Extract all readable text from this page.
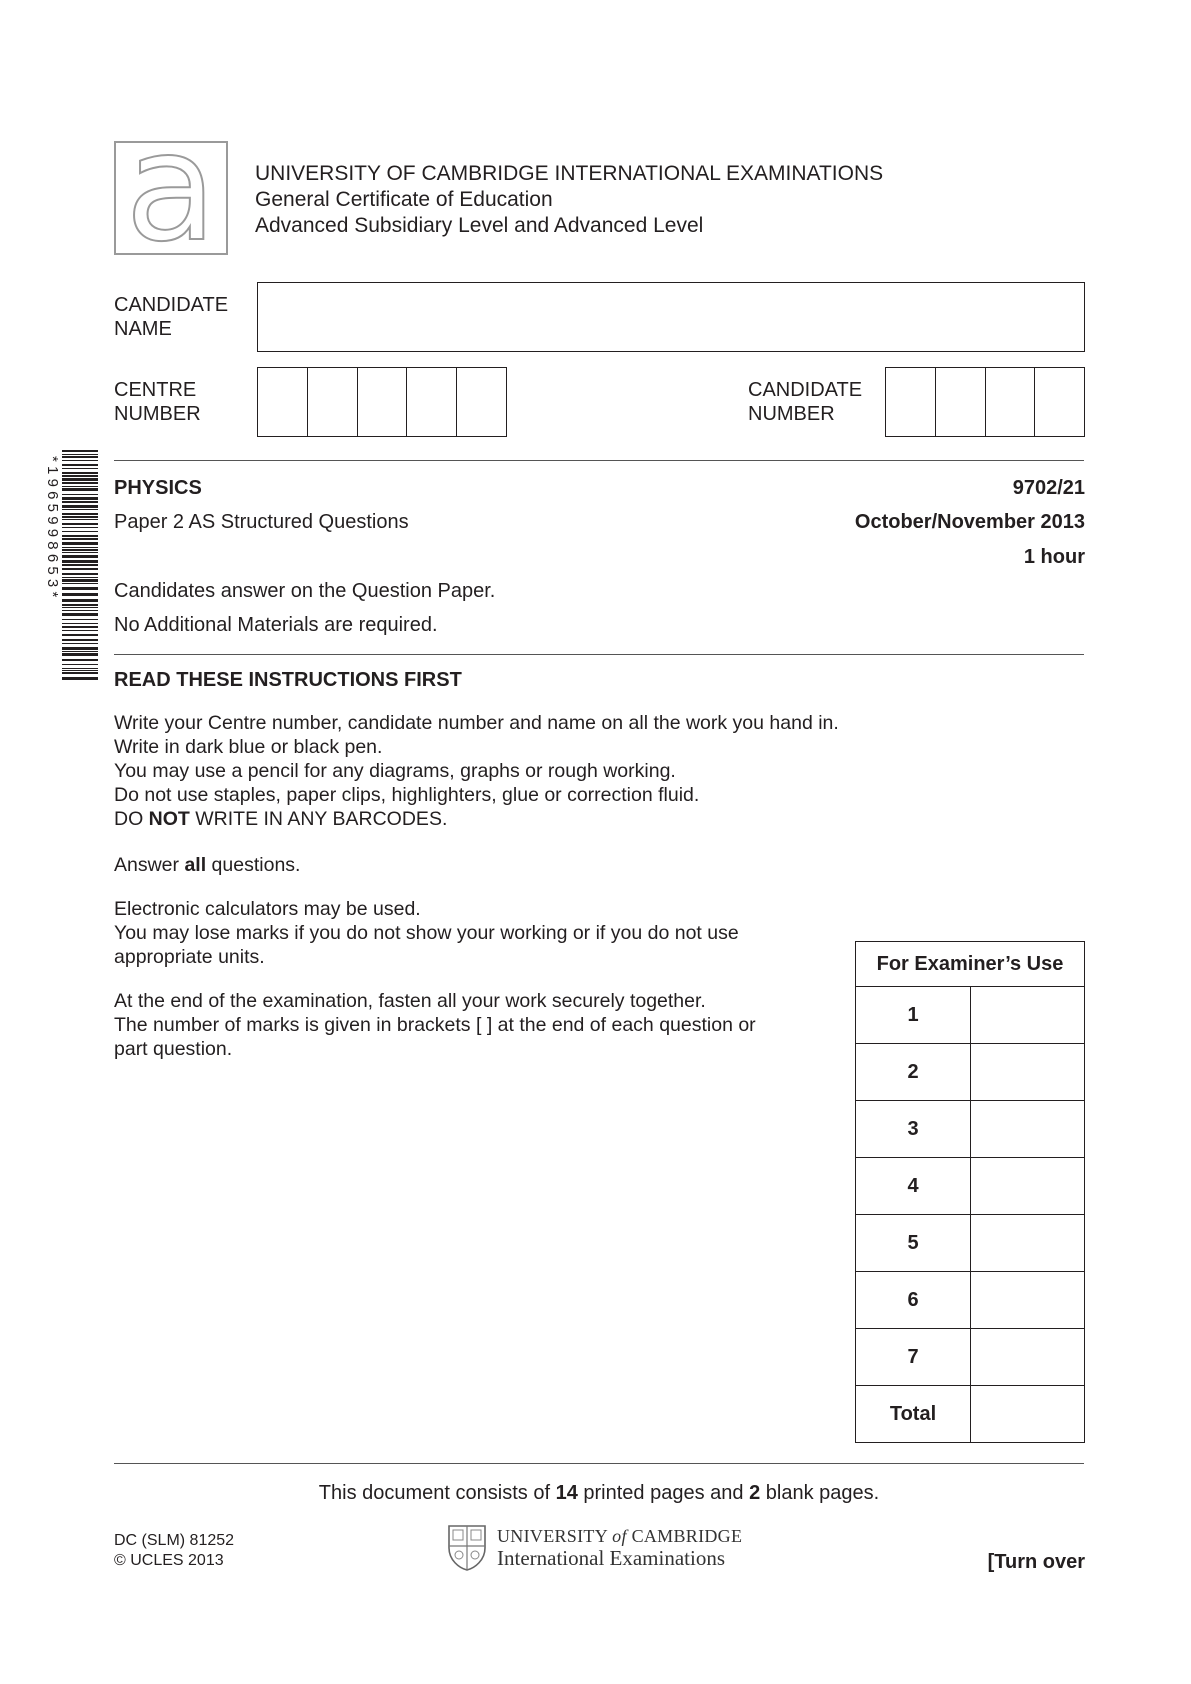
a	UNIVERSITY OF CAMBRIDGE INTERNATIONAL EXAMINATIONS
General Certificate of Education
Advanced Subsidiary Level and Advanced Level
CANDIDATE
NAME
CENTRE
NUMBER
CANDIDATE
NUMBER
*1965998653*	PHYSICS	9702/21
Paper 2 AS Structured Questions	October/November 2013
1 hour
Candidates answer on the Question Paper.
No Additional Materials are required.
READ THESE INSTRUCTIONS FIRST
Write your Centre number, candidate number and name on all the work you hand in.
Write in dark blue or black pen.
You may use a pencil for any diagrams, graphs or rough working.
Do not use staples, paper clips, highlighters, glue or correction fluid.
DO NOT WRITE IN ANY BARCODES.
Answer all questions.
Electronic calculators may be used.
You may lose marks if you do not show your working or if you do not use
appropriate units.
At the end of the examination, fasten all your work securely together.
The number of marks is given in brackets [ ] at the end of each question or
part question.
For Examiner’s Use	
1	
2	
3	
4	
5	
6	
7	
Total	
This document consists of 14 printed pages and 2 blank pages.
DC (SLM) 81252
© UCLES 2013
UNIVERSITY of CAMBRIDGE
International Examinations	[Turn over
